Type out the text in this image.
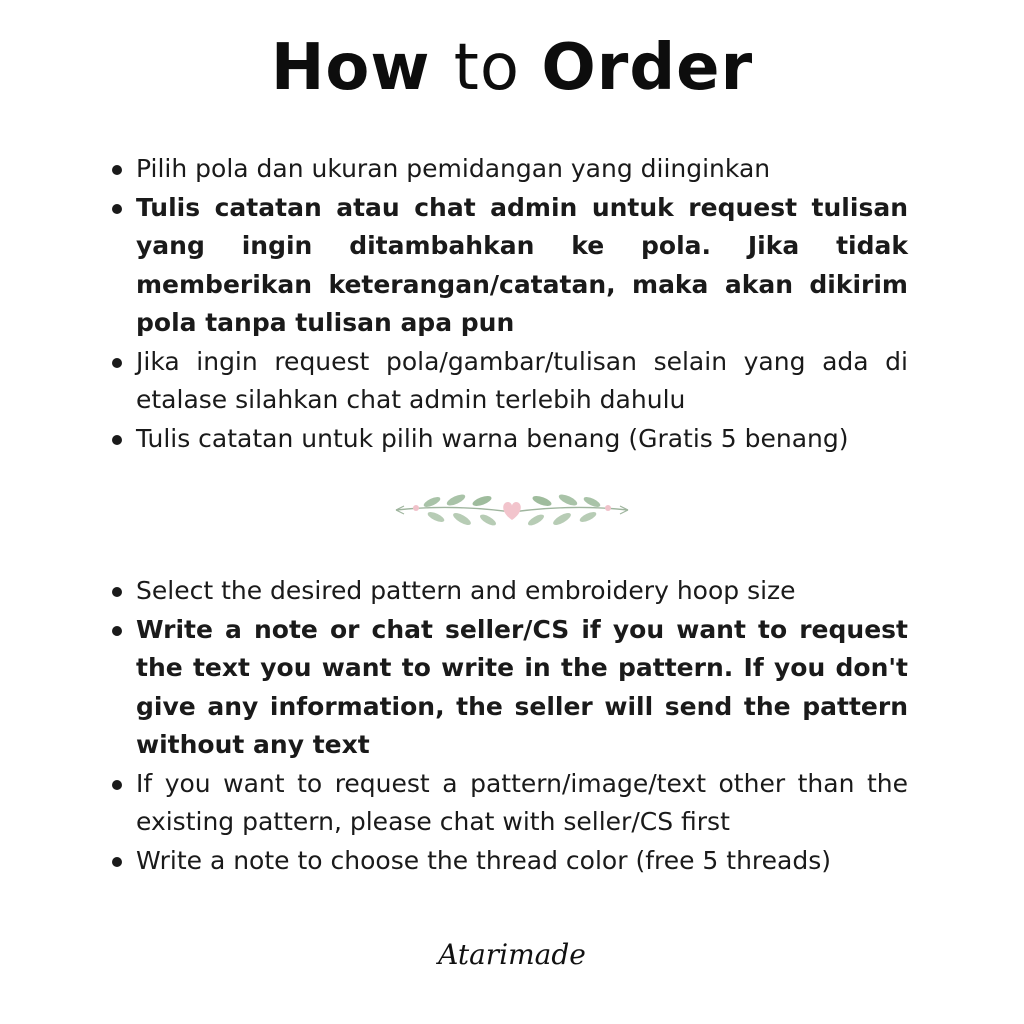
How to Order
Pilih pola dan ukuran pemidangan yang diinginkan
Tulis catatan atau chat admin untuk request tulisan yang ingin ditambahkan ke pola. Jika tidak memberikan keterangan/catatan, maka akan dikirim pola tanpa tulisan apa pun
Jika ingin request pola/gambar/tulisan selain yang ada di etalase silahkan chat admin terlebih dahulu
Tulis catatan untuk pilih warna benang (Gratis 5 benang)
Select the desired pattern and embroidery hoop size
Write a note or chat seller/CS if you want to request the text you want to write in the pattern. If you don't give any information, the seller will send the pattern without any text
If you want to request a pattern/image/text other than the existing pattern, please chat with seller/CS first
Write a note to choose the thread color (free 5 threads)
Atarimade
